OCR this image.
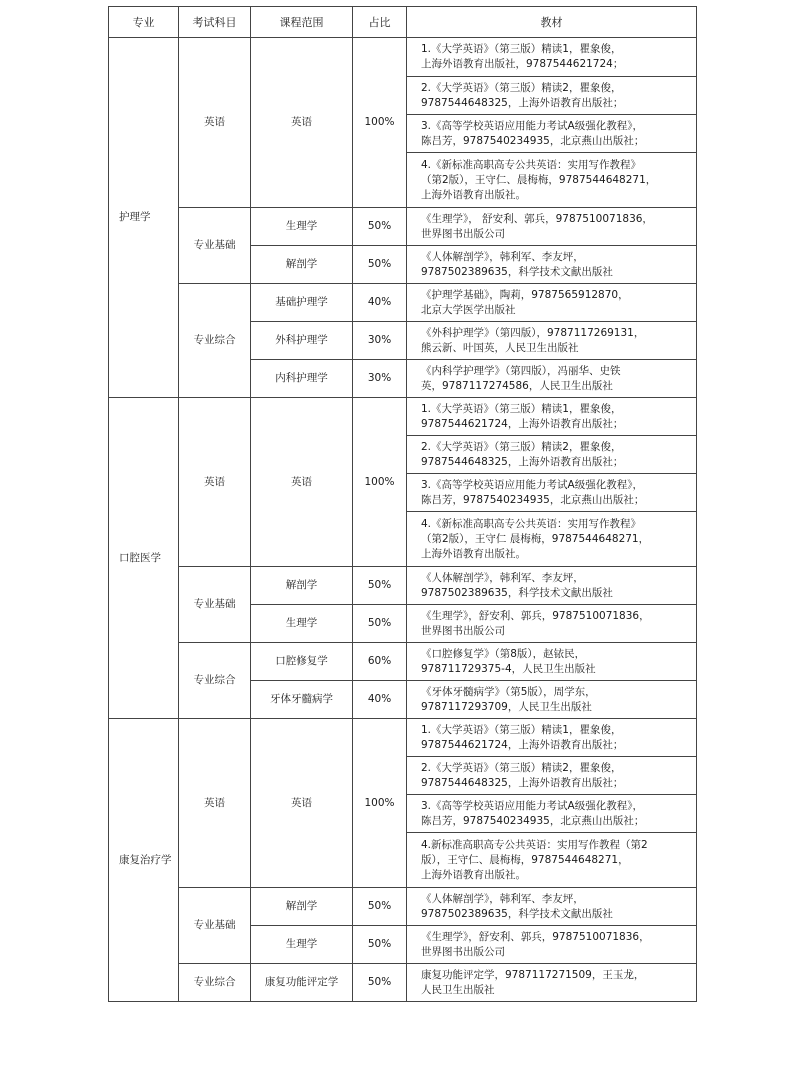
专业	考试科目	课程范围	占比	教材
护理学	英语	英语	100%	1.《大学英语》（第三版）精读1，瞿象俊，
上海外语教育出版社，9787544621724；
				2.《大学英语》（第三版）精读2，瞿象俊，
9787544648325，上海外语教育出版社；
				3.《高等学校英语应用能力考试A级强化教程》，
陈吕芳，9787540234935，北京燕山出版社；
				4.《新标准高职高专公共英语：实用写作教程》
（第2版），王守仁、晨梅梅，9787544648271，
上海外语教育出版社。
	专业基础	生理学	50%	《生理学》， 舒安利、郭兵，9787510071836，
世界图书出版公司
		解剖学	50%	《人体解剖学》，韩利军、李友坪，
9787502389635，科学技术文献出版社
	专业综合	基础护理学	40%	《护理学基础》，陶莉，9787565912870，
北京大学医学出版社
		外科护理学	30%	《外科护理学》（第四版），9787117269131，
熊云新、叶国英，人民卫生出版社
		内科护理学	30%	《内科学护理学》（第四版），冯丽华、史铁
英，9787117274586，人民卫生出版社
口腔医学	英语	英语	100%	1.《大学英语》（第三版）精读1，瞿象俊，
9787544621724，上海外语教育出版社；
				2.《大学英语》（第三版）精读2，瞿象俊，
9787544648325，上海外语教育出版社；
				3.《高等学校英语应用能力考试A级强化教程》，
陈吕芳，9787540234935，北京燕山出版社；
				4.《新标准高职高专公共英语：实用写作教程》
（第2版），王守仁 晨梅梅，9787544648271，
上海外语教育出版社。
	专业基础	解剖学	50%	《人体解剖学》，韩利军、李友坪，
9787502389635，科学技术文献出版社
		生理学	50%	《生理学》，舒安利、郭兵，9787510071836，
世界图书出版公司
	专业综合	口腔修复学	60%	《口腔修复学》（第8版），赵铱民，
978711729375-4，人民卫生出版社
		牙体牙髓病学	40%	《牙体牙髓病学》（第5版），周学东，
9787117293709，人民卫生出版社
康复治疗学	英语	英语	100%	1.《大学英语》（第三版）精读1，瞿象俊，
9787544621724，上海外语教育出版社；
				2.《大学英语》（第三版）精读2，瞿象俊，
9787544648325，上海外语教育出版社；
				3.《高等学校英语应用能力考试A级强化教程》，
陈吕芳，9787540234935，北京燕山出版社；
				4.新标准高职高专公共英语：实用写作教程（第2
版），王守仁、晨梅梅，9787544648271，
上海外语教育出版社。
	专业基础	解剖学	50%	《人体解剖学》，韩利军、李友坪，
9787502389635，科学技术文献出版社
		生理学	50%	《生理学》，舒安利、郭兵，9787510071836，
世界图书出版公司
	专业综合	康复功能评定学	50%	康复功能评定学，9787117271509，王玉龙，
人民卫生出版社
